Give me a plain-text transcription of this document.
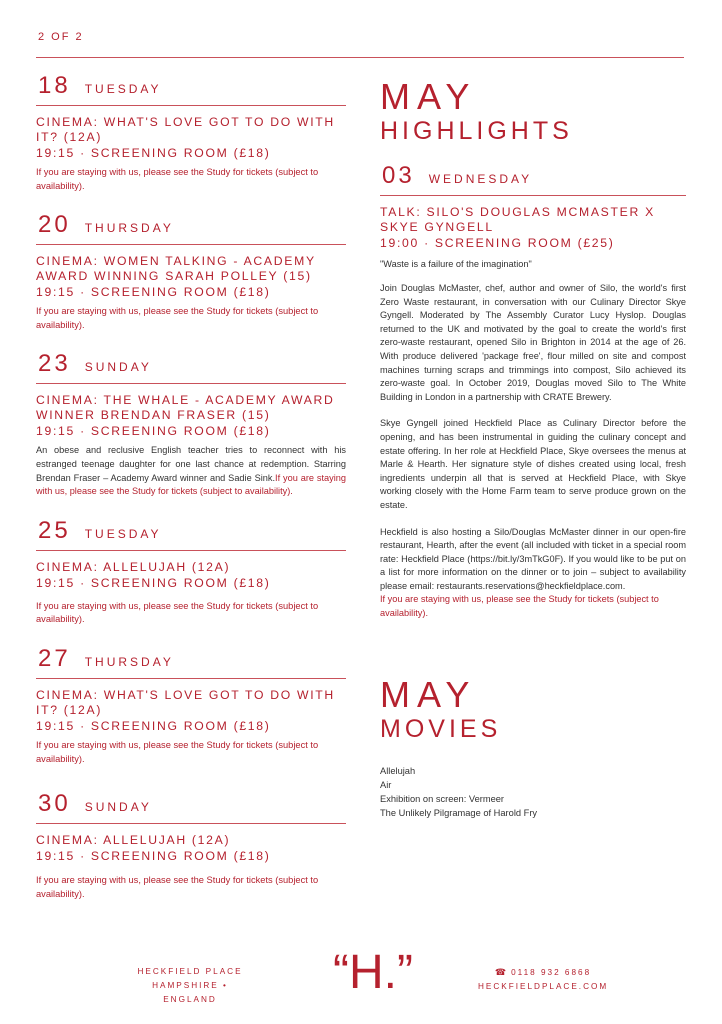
2 OF 2
18 TUESDAY
CINEMA: WHAT'S LOVE GOT TO DO WITH IT? (12A)
19:15 · SCREENING ROOM (£18)
If you are staying with us, please see the Study for tickets (subject to availability).
20 THURSDAY
CINEMA: WOMEN TALKING - ACADEMY AWARD WINNING SARAH POLLEY (15)
19:15 · SCREENING ROOM (£18)
If you are staying with us, please see the Study for tickets (subject to availability).
23 SUNDAY
CINEMA: THE WHALE - ACADEMY AWARD WINNER BRENDAN FRASER (15)
19:15 · SCREENING ROOM (£18)
An obese and reclusive English teacher tries to reconnect with his estranged teenage daughter for one last chance at redemption. Starring Brendan Fraser – Academy Award winner and Sadie Sink.If you are staying with us, please see the Study for tickets (subject to availability).
25 TUESDAY
CINEMA: ALLELUJAH (12A)
19:15 · SCREENING ROOM (£18)
If you are staying with us, please see the Study for tickets (subject to availability).
27 THURSDAY
CINEMA: WHAT'S LOVE GOT TO DO WITH IT? (12A)
19:15 · SCREENING ROOM (£18)
If you are staying with us, please see the Study for tickets (subject to availability).
30 SUNDAY
CINEMA: ALLELUJAH (12A)
19:15 · SCREENING ROOM (£18)
If you are staying with us, please see the Study for tickets (subject to availability).
MAY
HIGHLIGHTS
03 WEDNESDAY
TALK: SILO'S DOUGLAS MCMASTER X SKYE GYNGELL
19:00 · SCREENING ROOM (£25)
"Waste is a failure of the imagination"
Join Douglas McMaster, chef, author and owner of Silo, the world's first Zero Waste restaurant, in conversation with our Culinary Director Skye Gyngell. Moderated by The Assembly Curator Lucy Hyslop. Douglas returned to the UK and motivated by the goal to create the world's first zero-waste restaurant, opened Silo in Brighton in 2014 at the age of 26. With produce delivered 'package free', flour milled on site and compost machines turning scraps and trimmings into compost, Silo achieved its zero-waste goal. In October 2019, Douglas moved Silo to The White Building in London in a partnership with CRATE Brewery.
Skye Gyngell joined Heckfield Place as Culinary Director before the opening, and has been instrumental in guiding the culinary concept and estate offering. In her role at Heckfield Place, Skye oversees the menus at Marle & Hearth. Her signature style of dishes created using local, fresh ingredients underpin all that is served at Heckfield Place, with Skye working closely with the Home Farm team to serve produce grown on the estate.
Heckfield is also hosting a Silo/Douglas McMaster dinner in our open-fire restaurant, Hearth, after the event (all included with ticket in a special room rate: Heckfield Place (https://bit.ly/3mTkG0F). If you would like to be put on a list for more information on the dinner or to join – subject to availability please email: restaurants.reservations@heckfieldplace.com.
If you are staying with us, please see the Study for tickets (subject to availability).
MAY
MOVIES
Allelujah
Air
Exhibition on screen: Vermeer
The Unlikely Pilgramage of Harold Fry
HECKFIELD PLACE
HAMPSHIRE • ENGLAND
“H.”	☎ 0118 932 6868
HECKFIELDPLACE.COM
